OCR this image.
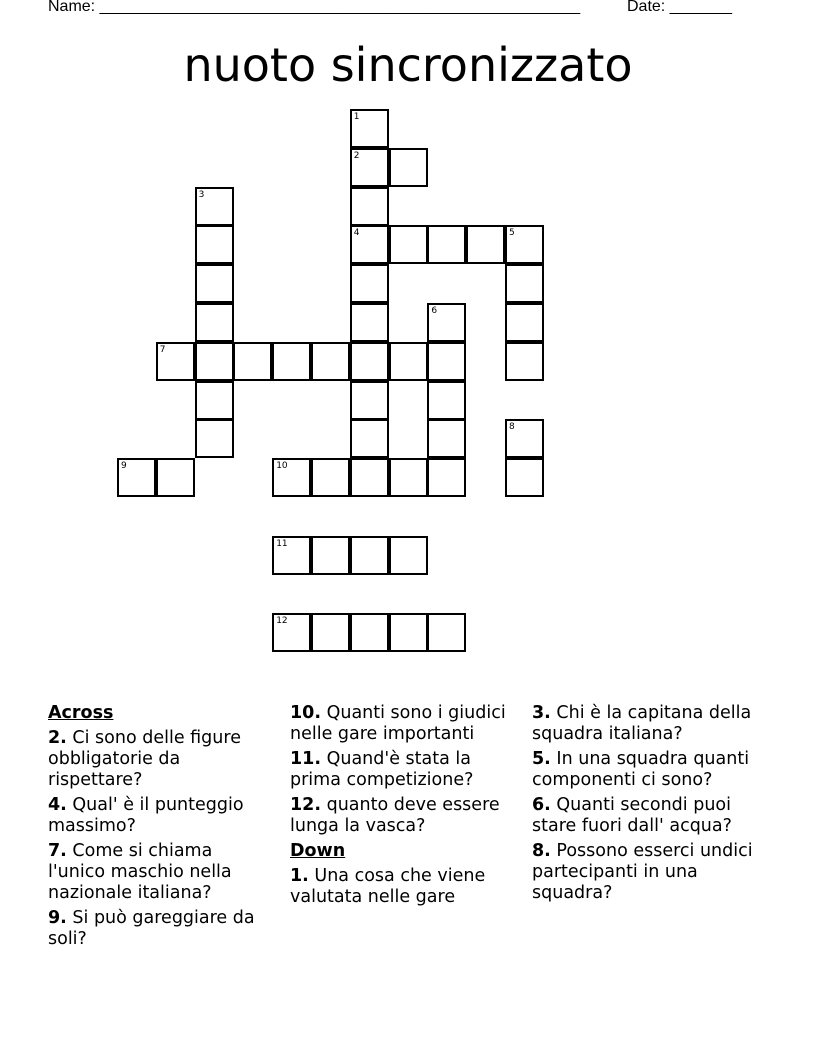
Name: ______________________________________________________	Date: _______
nuoto sincronizzato
1
2
3
4	5
6
7
8
9	10
11
12
Across
2. Ci sono delle figure obbligatorie da rispettare?
4. Qual' è il punteggio massimo?
7. Come si chiama l'unico maschio nella nazionale italiana?
9. Si può gareggiare da soli?
10. Quanti sono i giudici nelle gare importanti
11. Quand'è stata la prima competizione?
12. quanto deve essere lunga la vasca?
Down
1. Una cosa che viene valutata nelle gare
3. Chi è la capitana della squadra italiana?
5. In una squadra quanti componenti ci sono?
6. Quanti secondi puoi stare fuori dall' acqua?
8. Possono esserci undici partecipanti in una squadra?
